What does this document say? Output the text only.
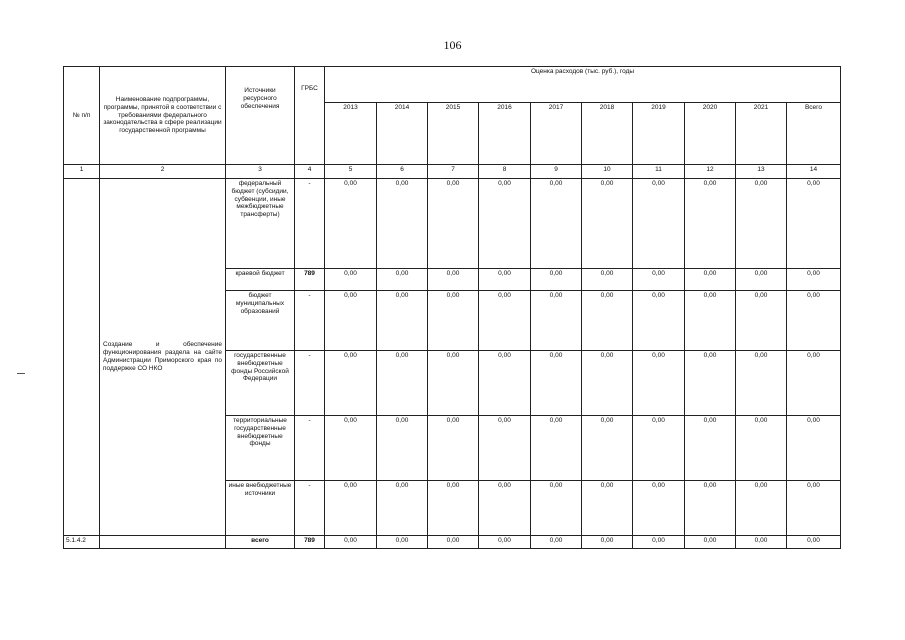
106
№ п/п	Наименование подпрограммы, программы, принятой в соответствии с требованиями федерального законодательства в сфере реализации государственной программы	Источники ресурсного обеспечения	ГРБС	Оценка расходов (тыс. руб.), годы									
				2013	2014	2015	2016	2017	2018	2019	2020	2021	Всего
1	2	3	4	5	6	7	8	9	10	11	12	13	14
	Создание и обеспечение функционирования раздела на сайте Администрации Приморского края по поддержке СО НКО	федеральный бюджет (субсидии, субвенции, иные межбюджетные трансферты)	-	0,00	0,00	0,00	0,00	0,00	0,00	0,00	0,00	0,00	0,00
		краевой бюджет	789	0,00	0,00	0,00	0,00	0,00	0,00	0,00	0,00	0,00	0,00
		бюджет муниципальных образований	-	0,00	0,00	0,00	0,00	0,00	0,00	0,00	0,00	0,00	0,00
		государственные внебюджетные фонды Российской Федерации	-	0,00	0,00	0,00	0,00	0,00	0,00	0,00	0,00	0,00	0,00
		территориальные государственные внебюджетные фонды	-	0,00	0,00	0,00	0,00	0,00	0,00	0,00	0,00	0,00	0,00
		иные внебюджетные источники	-	0,00	0,00	0,00	0,00	0,00	0,00	0,00	0,00	0,00	0,00
5.1.4.2		всего	789	0,00	0,00	0,00	0,00	0,00	0,00	0,00	0,00	0,00	0,00
